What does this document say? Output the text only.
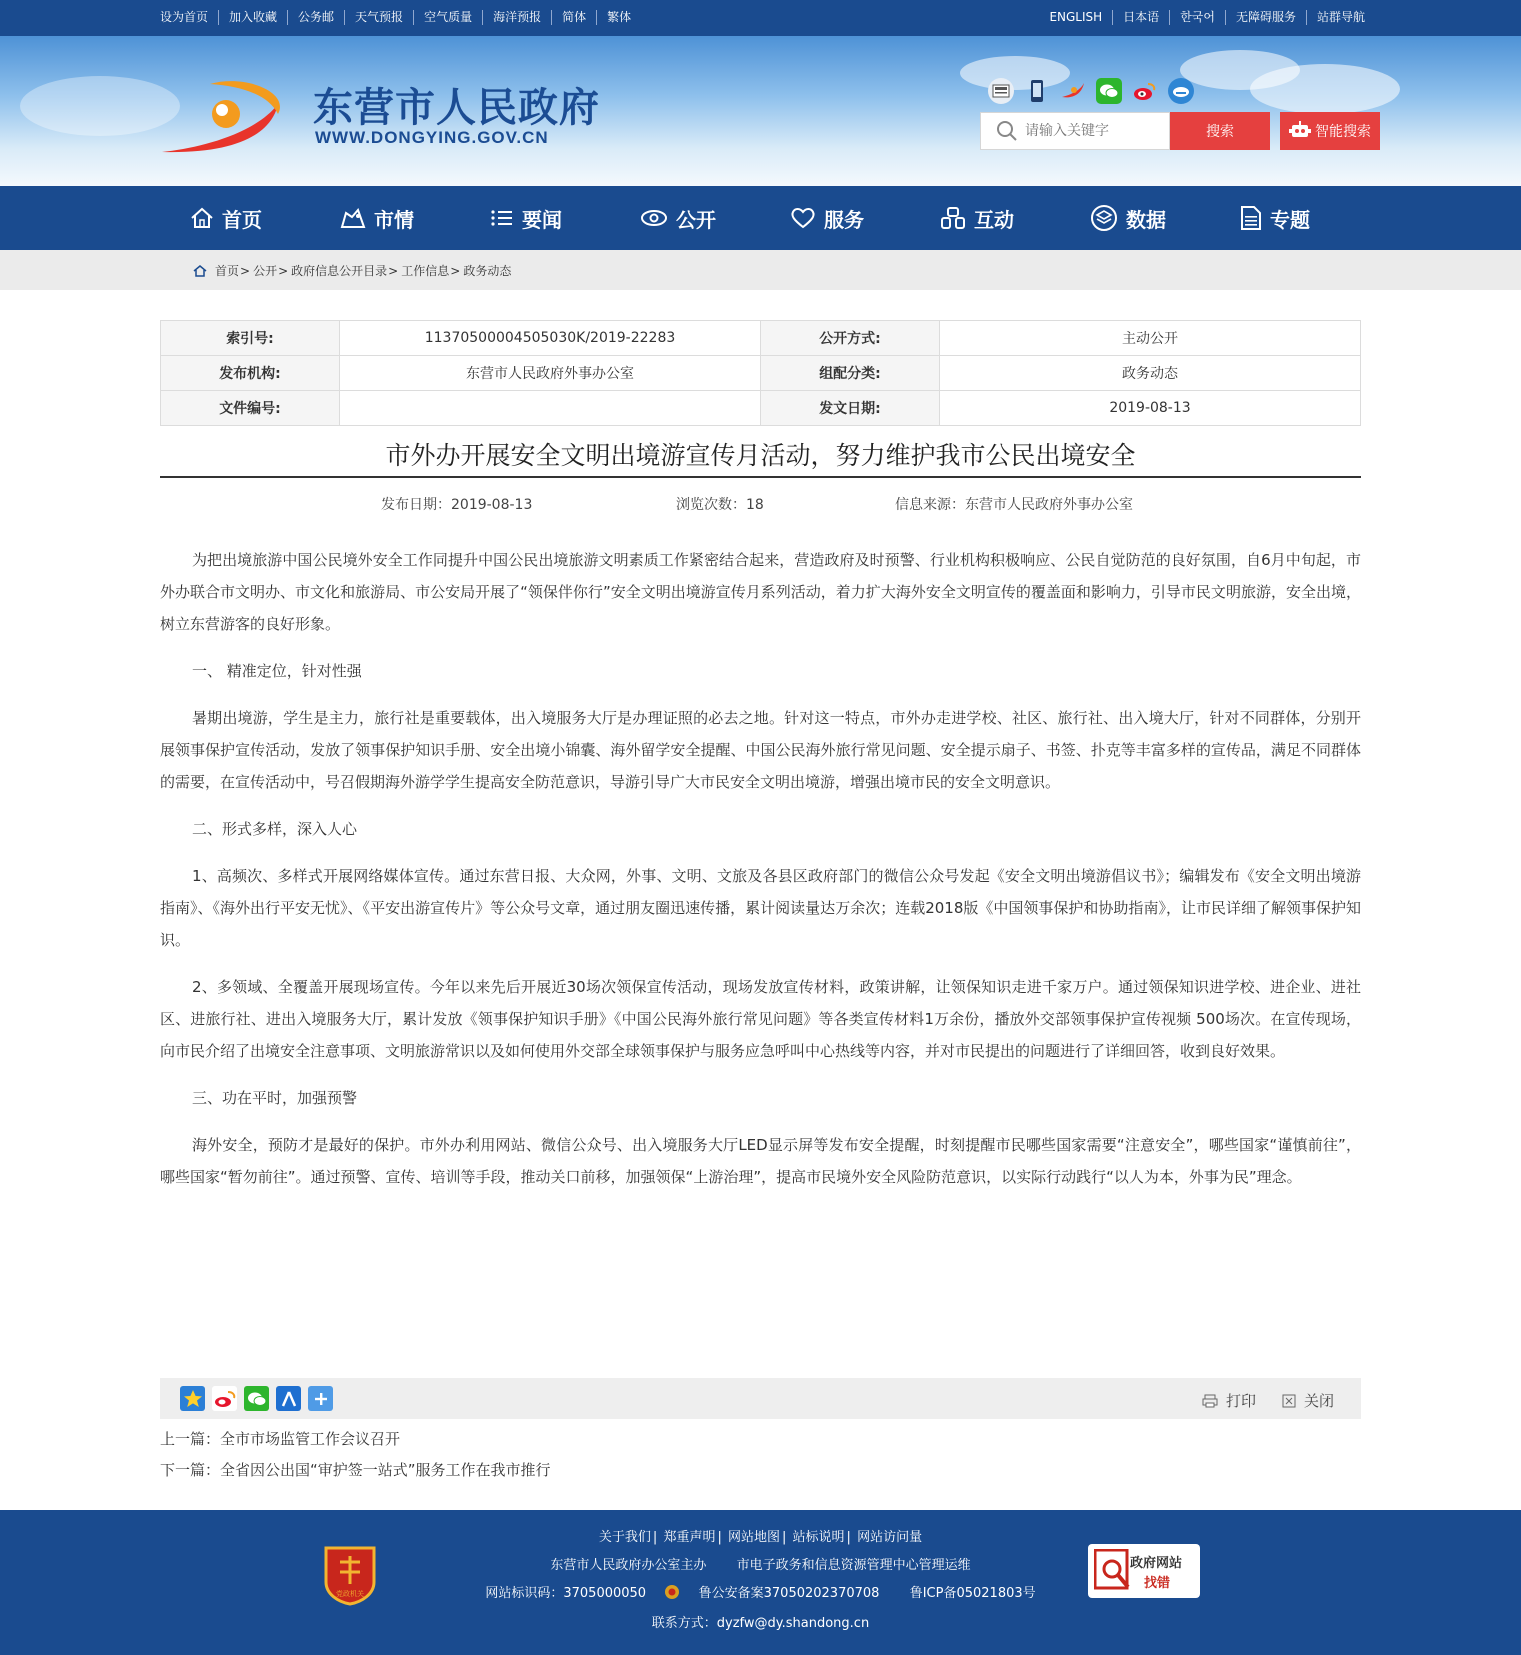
设为首页	加入收藏	公务邮	天气预报	空气质量	海洋预报	简体	繁体	ENGLISH	日本语	한국어	无障碍服务	站群导航
东营市人民政府
WWW.DONGYING.GOV.CN
请输入关键字	搜索	智能搜索
首页	市情	要闻	公开	服务	互动	数据	专题
首页 > 公开 > 政府信息公开目录 > 工作信息 > 政务动态
索引号:	113705000045050​30K/2019-22283	公开方式:	主动公开
发布机构:	东营市人民政府外事办公室	组配分类:	政务动态
文件编号:		发文日期:	2019-08-13
市外办开展安全文明出境游宣传月活动，努力维护我市公民出境安全
发布日期：2019-08-13	浏览次数：18	信息来源：东营市人民政府外事办公室

为把出境旅游中国公民境外安全工作同提升中国公民出境旅游文明素质工作紧密结合起来，营造政府及时预警、行业机构积极响应、公民自觉防范的良好氛围，自6月中旬起，市外办联合市文明办、市文化和旅游局、市公安局开展了“领保伴你行”安全文明出境游宣传月系列活动，着力扩大海外安全文明宣传的覆盖面和影响力，引导市民文明旅游，安全出境，树立东营游客的良好形象。

一、 精准定位，针对性强

暑期出境游，学生是主力，旅行社是重要载体，出入境服务大厅是办理证照的必去之地。针对这一特点，市外办走进学校、社区、旅行社、出入境大厅，针对不同群体，分别开展领事保护宣传活动，发放了领事保护知识手册、安全出境小锦囊、海外留学安全提醒、中国公民海外旅行常见问题、安全提示扇子、书签、扑克等丰富多样的宣传品，满足不同群体的需要，在宣传活动中，号召假期海外游学学生提高安全防范意识，导游引导广大市民安全文明出境游，增强出境市民的安全文明意识。

二、形式多样，深入人心

1、高频次、多样式开展网络媒体宣传。通过东营日报、大众网，外事、文明、文旅及各县区政府部门的微信公众号发起《安全文明出境游倡议书》；编辑发布《安全文明出境游指南》、《海外出行平安无忧》、《平安出游宣传片》等公众号文章，通过朋友圈迅速传播，累计阅读量达万余次；连载2018版《中国领事保护和协助指南》，让市民详细了解领事保护知识。

2、多领域、全覆盖开展现场宣传。今年以来先后开展近30场次领保宣传活动，现场发放宣传材料，政策讲解，让领保知识走进千家万户。通过领保知识进学校、进企业、进社区、进旅行社、进出入境服务大厅，累计发放《领事保护知识手册》《中国公民海外旅行常见问题》等各类宣传材料1万余份，播放外交部领事保护宣传视频 500场次。在宣传现场，向市民介绍了出境安全注意事项、文明旅游常识以及如何使用外交部全球领事保护与服务应急呼叫中心热线等内容，并对市民提出的问题进行了详细回答，收到良好效果。

三、功在平时，加强预警

海外安全，预防才是最好的保护。市外办利用网站、微信公众号、出入境服务大厅LED显示屏等发布安全提醒，时刻提醒市民哪些国家需要“注意安全”，哪些国家“谨慎前往”，哪些国家“暂勿前往”。通过预警、宣传、培训等手段，推动关口前移，加强领保“上游治理”，提高市民境外安全风险防范意识，以实际行动践行“以人为本，外事为民”理念。

打印	关闭
上一篇：全市市场监管工作会议召开
下一篇：全省因公出国“审护签一站式”服务工作在我市推行
党政机关
关于我们 | 郑重声明 | 网站地图 | 站标说明 | 网站访问量
东营市人民政府办公室主办 市电子政务和信息资源管理中心管理运维
网站标识码：3705000050	鲁公安备案37050202370708 鲁ICP备05021803号
联系方式：dyzfw@dy.shandong.cn
政府网站
找错
